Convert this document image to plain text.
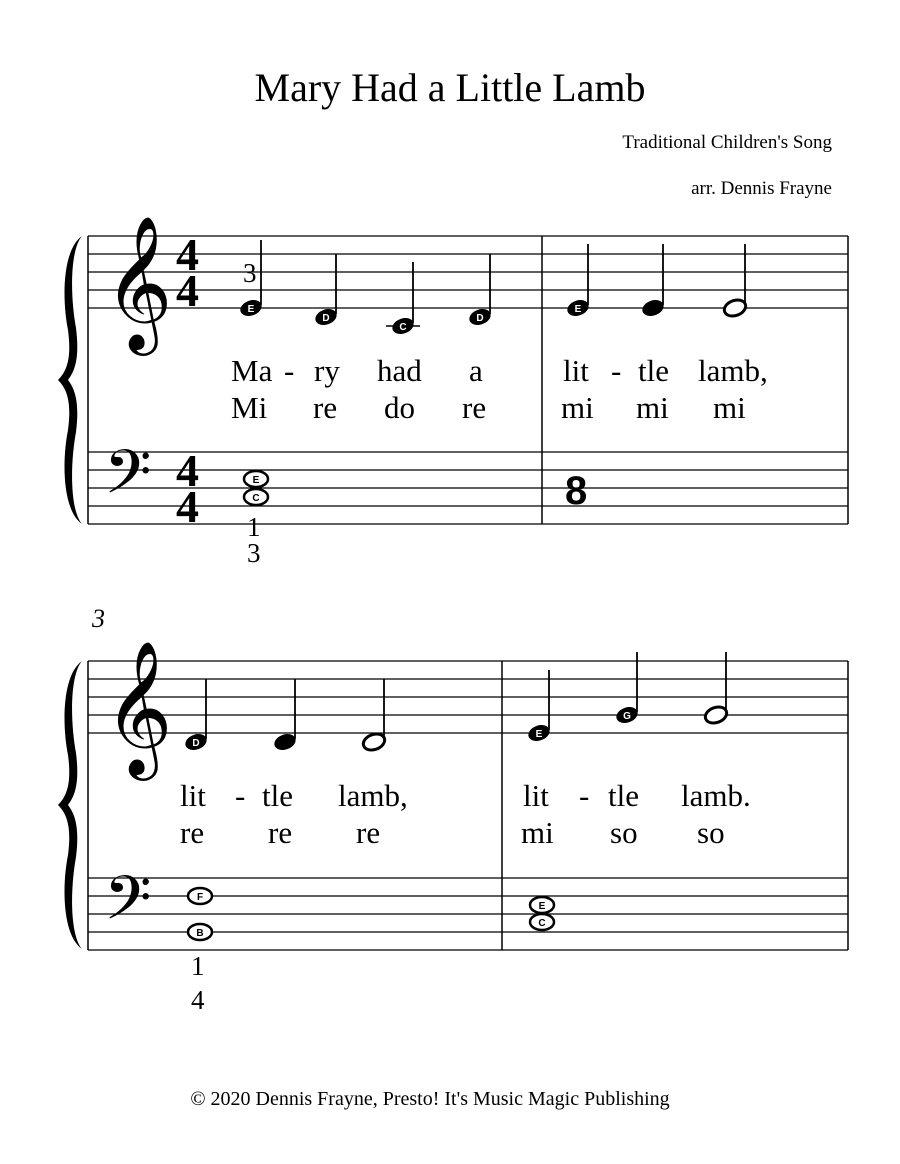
Mary Had a Little Lamb
Traditional Children's Song
arr. Dennis Frayne
𝄞
𝄢
4
4
4
4
3
E
D
C
D
E
Ma - ry had a	lit - tle lamb,
Mi re do re mi mi mi
E
C
1
3
8
3
𝄞
𝄢
D
E
G
lit - tle lamb,	lit - tle lamb.
re re re	mi so so
F
B
1
4
E
C
© 2020 Dennis Frayne, Presto! It's Music Magic Publishing
